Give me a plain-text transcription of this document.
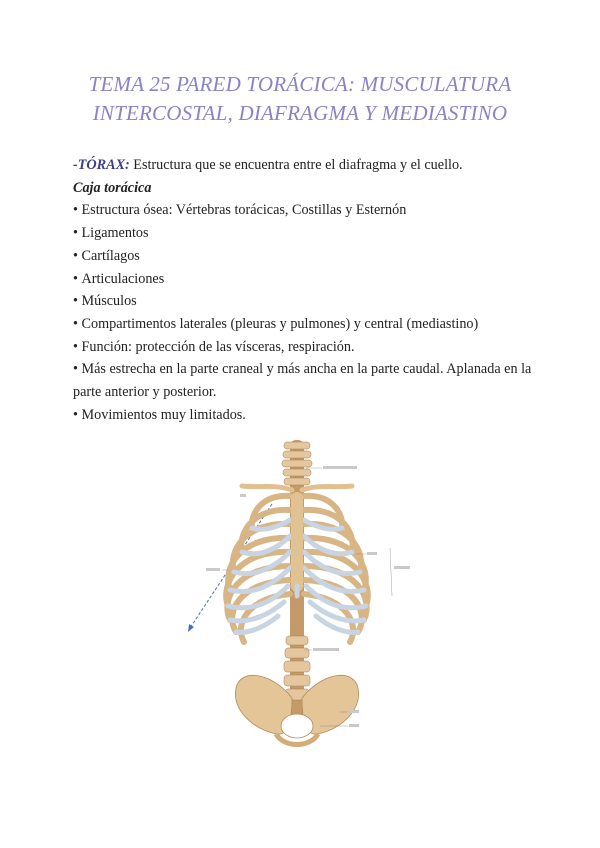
TEMA 25 PARED TORÁCICA: MUSCULATURA
INTERCOSTAL, DIAFRAGMA Y MEDIASTINO

-TÓRAX: Estructura que se encuentra entre el diafragma y el cuello.

Caja torácica

• Estructura ósea: Vértebras torácicas, Costillas y Esternón

• Ligamentos

• Cartílagos

• Articulaciones

• Músculos

• Compartimentos laterales (pleuras y pulmones) y central (mediastino)

• Función: protección de las vísceras, respiración.

• Más estrecha en la parte craneal y más ancha en la parte caudal. Aplanada en la parte anterior y posterior.

• Movimientos muy limitados.
